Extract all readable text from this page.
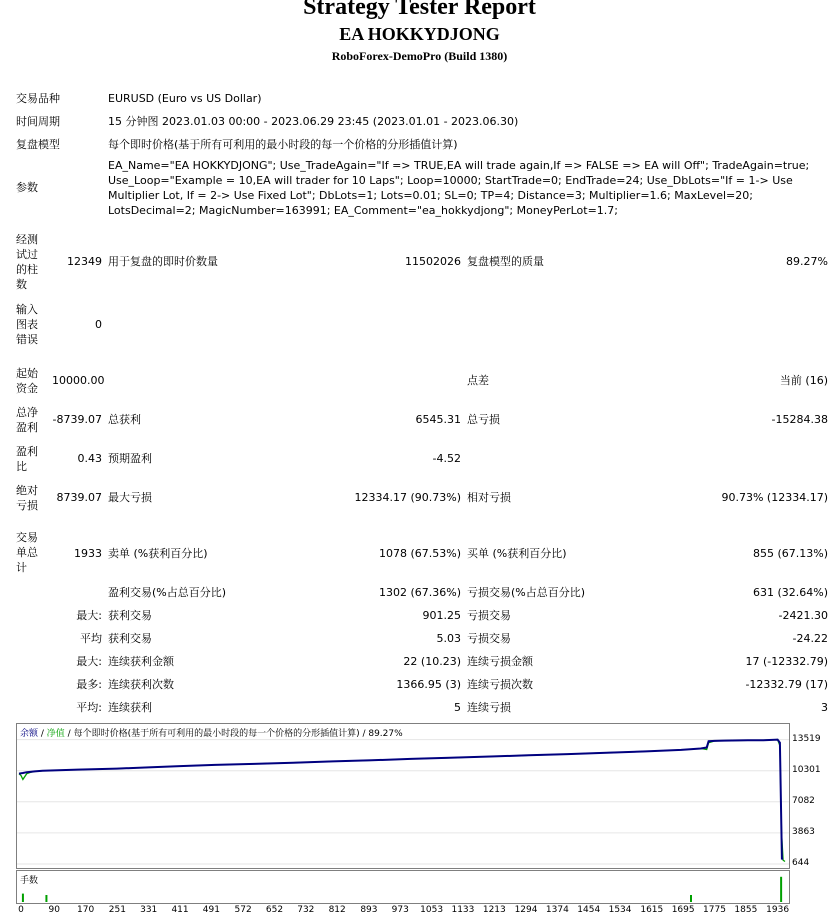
Strategy Tester Report
EA HOKKYDJONG
RoboForex-DemoPro (Build 1380)
交易品种	EURUSD (Euro vs US Dollar)
时间周期	15 分钟图 2023.01.03 00:00 - 2023.06.29 23:45 (2023.01.01 - 2023.06.30)
复盘模型	每个即时价格(基于所有可利用的最小时段的每一个价格的分形插值计算)
参数
EA_Name="EA HOKKYDJONG"; Use_TradeAgain="If => TRUE,EA will trade again,If => FALSE => EA will Off"; TradeAgain=true; Use_Loop="Example = 10,EA will trader for 10 Laps"; Loop=10000; StartTrade=0; EndTrade=24; Use_DbLots="If = 1-> Use Multiplier Lot, If = 2-> Use Fixed Lot"; DbLots=1; Lots=0.01; SL=0; TP=4; Distance=3; Multiplier=1.6; MaxLevel=20; LotsDecimal=2; MagicNumber=163991; EA_Comment="ea_hokkydjong"; MoneyPerLot=1.7;
经测试过的柱数
12349 用于复盘的即时价数量	11502026 复盘模型的质量	89.27%
输入图表错误
0
起始资金
10000.00	点差	当前 (16)
总净盈利
-8739.07 总获利	6545.31 总亏损	-15284.38
盈利比
0.43 预期盈利	-4.52
绝对亏损
8739.07 最大亏损	12334.17 (90.73%) 相对亏损	90.73% (12334.17)
交易单总计
1933 卖单 (%获利百分比)	1078 (67.53%) 买单 (%获利百分比)	855 (67.13%)
盈利交易(%占总百分比)	1302 (67.36%) 亏损交易(%占总百分比)	631 (32.64%)
最大: 获利交易	901.25 亏损交易	-2421.30
平均 获利交易	5.03 亏损交易	-24.22
最大: 连续获利金额	22 (10.23) 连续亏损金额	17 (-12332.79)
最多: 连续获利次数	1366.95 (3) 连续亏损次数	-12332.79 (17)
平均: 连续获利	5 连续亏损	3
余额 / 净值 / 每个即时价格(基于所有可利用的最小时段的每一个价格的分形插值计算) / 89.27%	13519
10301
7082
3863
644
手数
0	90 170 251 331 411 491 572 652 732 812 893 973 1053 1133 1213 1294 1374 1454 1534 1615 1695 1775 1855 1936
